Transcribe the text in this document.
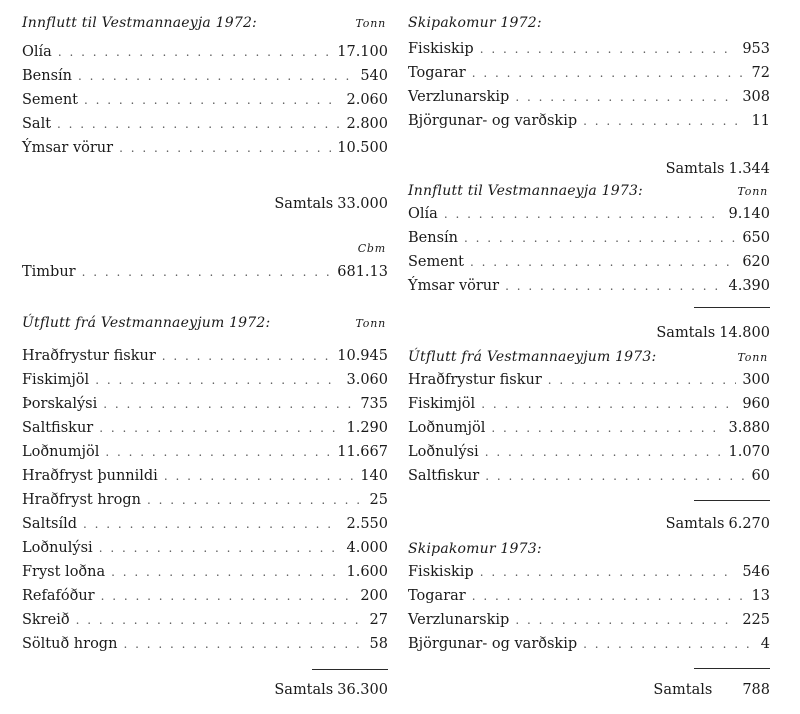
Innflutt til Vestmannaeyja 1972:	Tonn
Olía . . .	17.100
Bensín . . .	540
Sement . . .	2.060
Salt . . .	2.800
Ýmsar vörur . . .	10.500
Samtals 33.000
Cbm
Timbur . . .	681.13
Útflutt frá Vestmannaeyjum 1972:	Tonn
Hraðfrystur fiskur . . .	10.945
Fiskimjöl . . .	3.060
Þorskalýsi . . .	735
Saltfiskur . . .	1.290
Loðnumjöl . . .	11.667
Hraðfryst þunnildi . . .	140
Hraðfryst hrogn . . .	25
Saltsíld . . .	2.550
Loðnulýsi . . .	4.000
Fryst loðna . . .	1.600
Refafóður . . .	200
Skreið . . .	27
Söltuð hrogn . . .	58
Samtals 36.300
Skipakomur 1972:
Fiskiskip . . .	953
Togarar . . .	72
Verzlunarskip . . .	308
Björgunar- og varðskip . . .	11
Samtals 1.344
Innflutt til Vestmannaeyja 1973:	Tonn
Olía . . .	9.140
Bensín . . .	650
Sement . . .	620
Ýmsar vörur . . .	4.390
Samtals 14.800
Útflutt frá Vestmannaeyjum 1973:	Tonn
Hraðfrystur fiskur . . .	300
Fiskimjöl . . .	960
Loðnumjöl . . .	3.880
Loðnulýsi . . .	1.070
Saltfiskur . . .	60
Samtals 6.270
Skipakomur 1973:
Fiskiskip . . .	546
Togarar . . .	13
Verzlunarskip . . .	225
Björgunar- og varðskip . . .	4
Samtals 788
